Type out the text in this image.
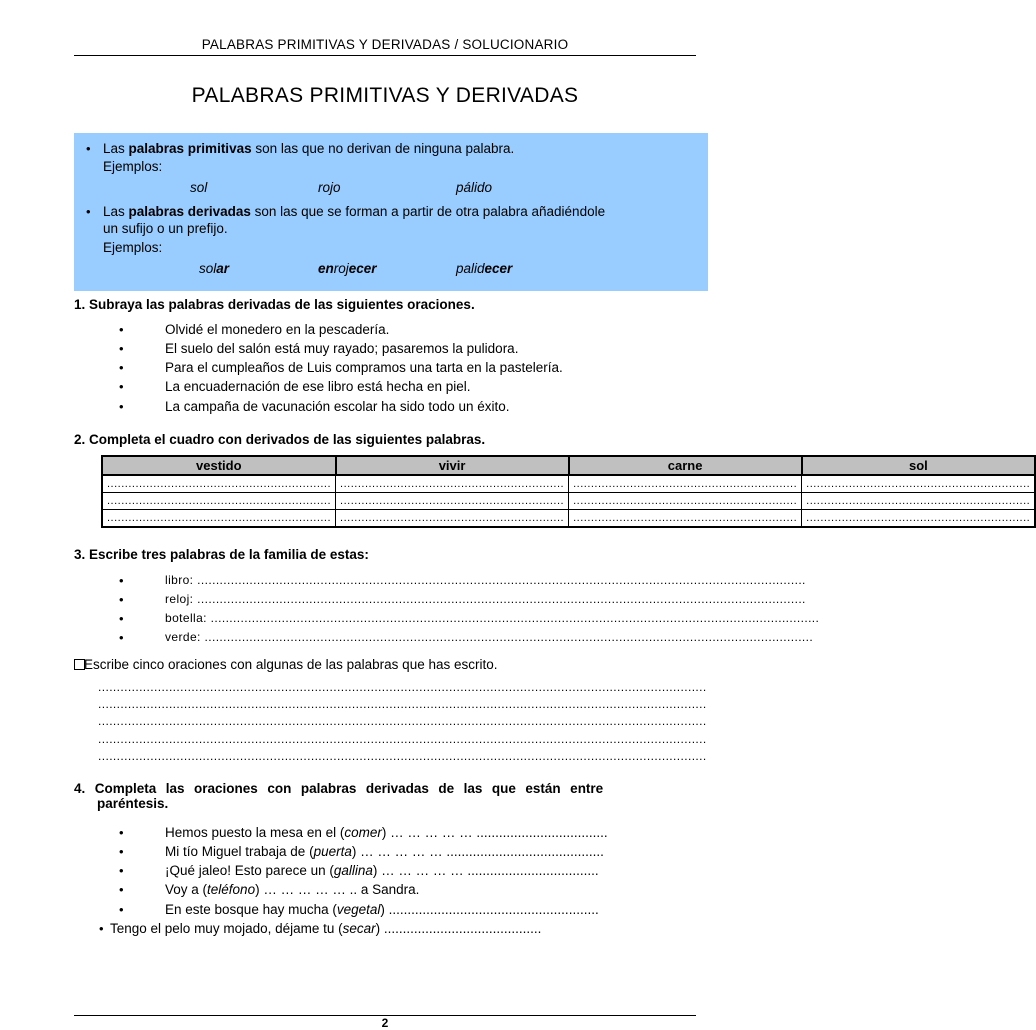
PALABRAS PRIMITIVAS Y DERIVADAS / SOLUCIONARIO
PALABRAS PRIMITIVAS Y DERIVADAS
• Las palabras primitivas son las que no derivan de ninguna palabra.
Ejemplos:
sol	rojo	pálido
• Las palabras derivadas son las que se forman a partir de otra palabra añadiéndole
un sufijo o un prefijo.
Ejemplos:
solar	enrojecer	palidecer
1. Subraya las palabras derivadas de las siguientes oraciones.
•	Olvidé el monedero en la pescadería.
•	El suelo del salón está muy rayado; pasaremos la pulidora.
•	Para el cumpleaños de Luis compramos una tarta en la pastelería.
•	La encuadernación de ese libro está hecha en piel.
•	La campaña de vacunación escolar ha sido todo un éxito.
2. Completa el cuadro con derivados de las siguientes palabras.
vestido	vivir	carne	sol
...............................................................	...............................................................	...............................................................	...............................................................
...............................................................	...............................................................	...............................................................	...............................................................
...............................................................	...............................................................	...............................................................	...............................................................
3. Escribe tres palabras de la familia de estas:
•	libro: ...................................................................................................................................................................
•	reloj: ...................................................................................................................................................................
•	botella: ...................................................................................................................................................................
•	verde: ...................................................................................................................................................................
Escribe cinco oraciones con algunas de las palabras que has escrito.
...................................................................................................................................................................
...................................................................................................................................................................
...................................................................................................................................................................
...................................................................................................................................................................
...................................................................................................................................................................
4.  Completa  las  oraciones  con  palabras  derivadas  de  las  que  están  entre
paréntesis.
•	Hemos puesto la mesa en el (comer) … … … … … ...................................
•	Mi tío Miguel trabaja de (puerta) … … … … … ..........................................
•	¡Qué jaleo! Esto parece un (gallina) … … … … … ...................................
•	Voy a (teléfono) … … … … … .. a Sandra.
•	En este bosque hay mucha (vegetal) ........................................................
• Tengo el pelo muy mojado, déjame tu (secar) ..........................................
2
